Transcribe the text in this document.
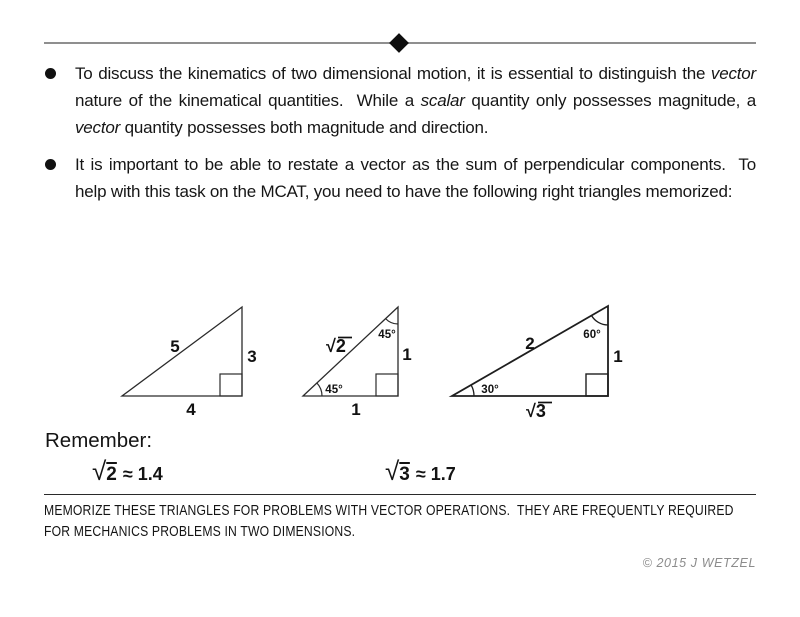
To discuss the kinematics of two dimensional motion, it is essential to distinguish the vector nature of the kinematical quantities.  While a scalar quantity only possesses magnitude, a vector quantity possesses both magnitude and direction.

It is important to be able to restate a vector as the sum of perpendicular components.  To help with this task on the MCAT, you need to have the following right triangles memorized:

5
3
4
√2
45°
45°
1
1
2	60°
30°
1
√3
Remember:
√2 ≈ 1.4	√3 ≈ 1.7
MEMORIZE THESE TRIANGLES FOR PROBLEMS WITH VECTOR OPERATIONS.  THEY ARE FREQUENTLY REQUIRED
FOR MECHANICS PROBLEMS IN TWO DIMENSIONS.
© 2015 J WETZEL
